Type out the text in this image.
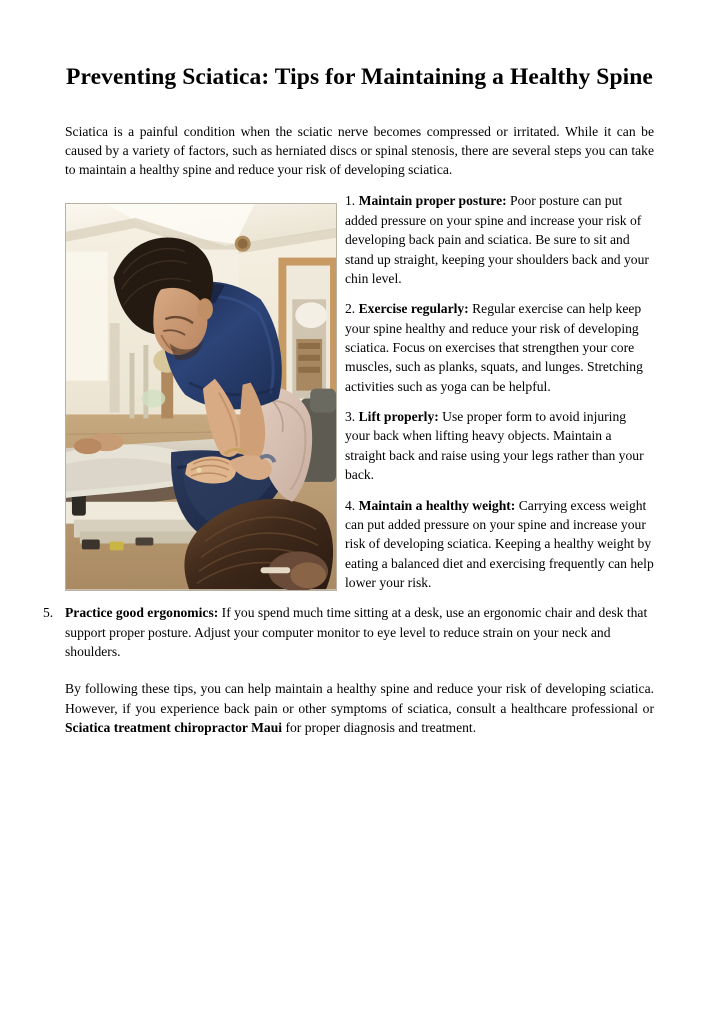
Preventing Sciatica: Tips for Maintaining a Healthy Spine

Sciatica is a painful condition when the sciatic nerve becomes compressed or irritated. While it can be caused by a variety of factors, such as herniated discs or spinal stenosis, there are several steps you can take to maintain a healthy spine and reduce your risk of developing sciatica.

1. Maintain proper posture: Poor posture can put added pressure on your spine and increase your risk of developing back pain and sciatica. Be sure to sit and stand up straight, keeping your shoulders back and your chin level.
2. Exercise regularly: Regular exercise can help keep your spine healthy and reduce your risk of developing sciatica. Focus on exercises that strengthen your core muscles, such as planks, squats, and lunges. Stretching activities such as yoga can be helpful.
3. Lift properly: Use proper form to avoid injuring your back when lifting heavy objects. Maintain a straight back and raise using your legs rather than your back.
4. Maintain a healthy weight: Carrying excess weight can put added pressure on your spine and increase your risk of developing sciatica. Keeping a healthy weight by eating a balanced diet and exercising frequently can help lower your risk.
5. Practice good ergonomics: If you spend much time sitting at a desk, use an ergonomic chair and desk that support proper posture. Adjust your computer monitor to eye level to reduce strain on your neck and shoulders.

By following these tips, you can help maintain a healthy spine and reduce your risk of developing sciatica. However, if you experience back pain or other symptoms of sciatica, consult a healthcare professional or Sciatica treatment chiropractor Maui for proper diagnosis and treatment.
